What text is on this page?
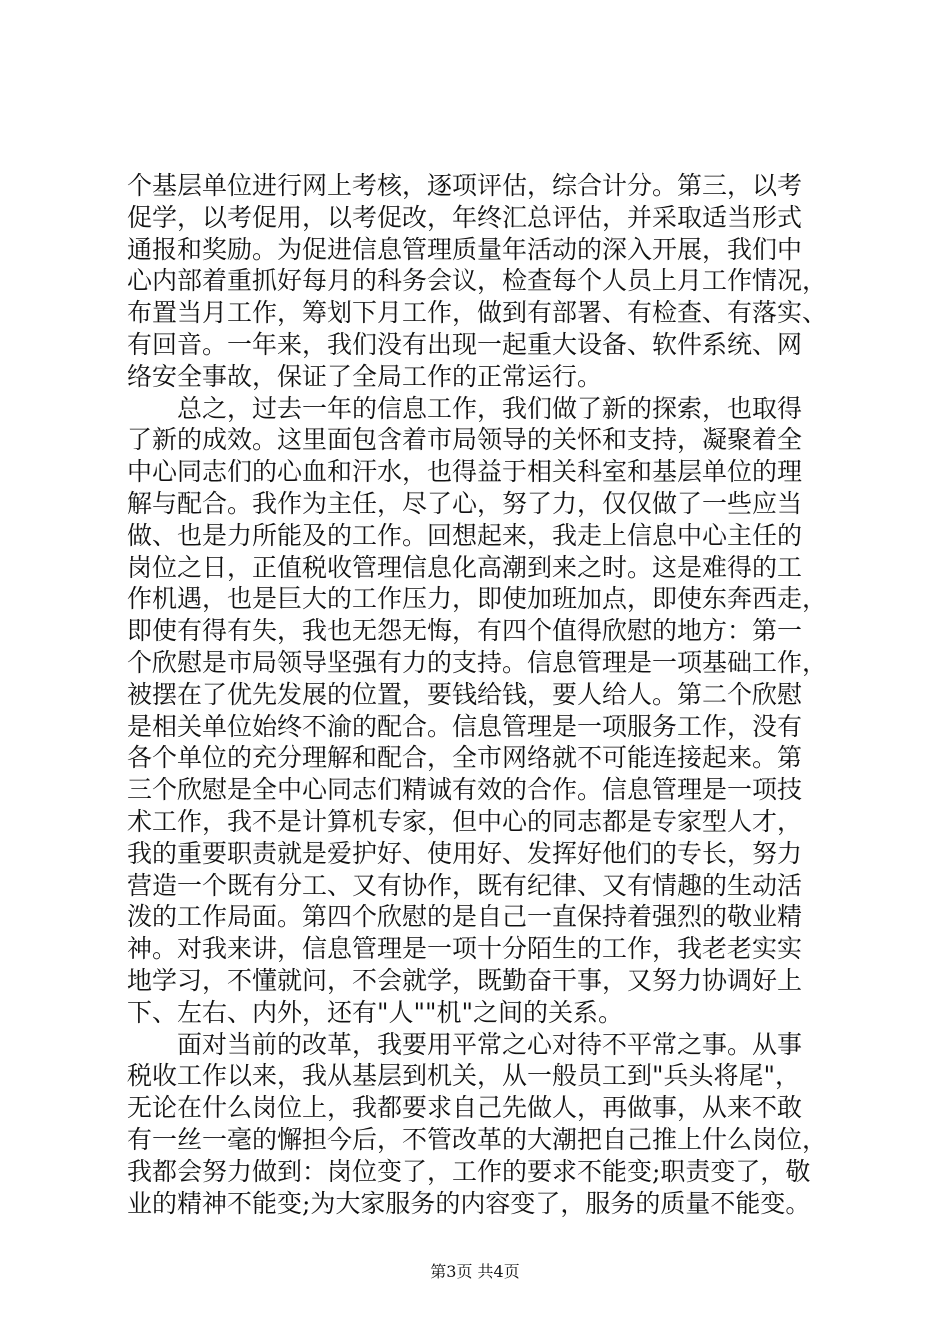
个基层单位进行网上考核，逐项评估，综合计分。第三，以考
促学，以考促用，以考促改，年终汇总评估，并采取适当形式
通报和奖励。为促进信息管理质量年活动的深入开展，我们中
心内部着重抓好每月的科务会议，检查每个人员上月工作情况，
布置当月工作，筹划下月工作，做到有部署、有检查、有落实、
有回音。一年来，我们没有出现一起重大设备、软件系统、网
络安全事故，保证了全局工作的正常运行。
总之，过去一年的信息工作，我们做了新的探索，也取得
了新的成效。这里面包含着市局领导的关怀和支持，凝聚着全
中心同志们的心血和汗水，也得益于相关科室和基层单位的理
解与配合。我作为主任，尽了心，努了力，仅仅做了一些应当
做、也是力所能及的工作。回想起来，我走上信息中心主任的
岗位之日，正值税收管理信息化高潮到来之时。这是难得的工
作机遇，也是巨大的工作压力，即使加班加点，即使东奔西走，
即使有得有失，我也无怨无悔，有四个值得欣慰的地方：第一
个欣慰是市局领导坚强有力的支持。信息管理是一项基础工作，
被摆在了优先发展的位置，要钱给钱，要人给人。第二个欣慰
是相关单位始终不渝的配合。信息管理是一项服务工作，没有
各个单位的充分理解和配合，全市网络就不可能连接起来。第
三个欣慰是全中心同志们精诚有效的合作。信息管理是一项技
术工作，我不是计算机专家，但中心的同志都是专家型人才，
我的重要职责就是爱护好、使用好、发挥好他们的专长，努力
营造一个既有分工、又有协作，既有纪律、又有情趣的生动活
泼的工作局面。第四个欣慰的是自己一直保持着强烈的敬业精
神。对我来讲，信息管理是一项十分陌生的工作，我老老实实
地学习，不懂就问，不会就学，既勤奋干事，又努力协调好上
下、左右、内外，还有"人""机"之间的关系。
面对当前的改革，我要用平常之心对待不平常之事。从事
税收工作以来，我从基层到机关，从一般员工到"兵头将尾"，
无论在什么岗位上，我都要求自己先做人，再做事，从来不敢
有一丝一毫的懈担今后，不管改革的大潮把自己推上什么岗位，
我都会努力做到：岗位变了，工作的要求不能变;职责变了，敬
业的精神不能变;为大家服务的内容变了，服务的质量不能变。
第3页 共4页
